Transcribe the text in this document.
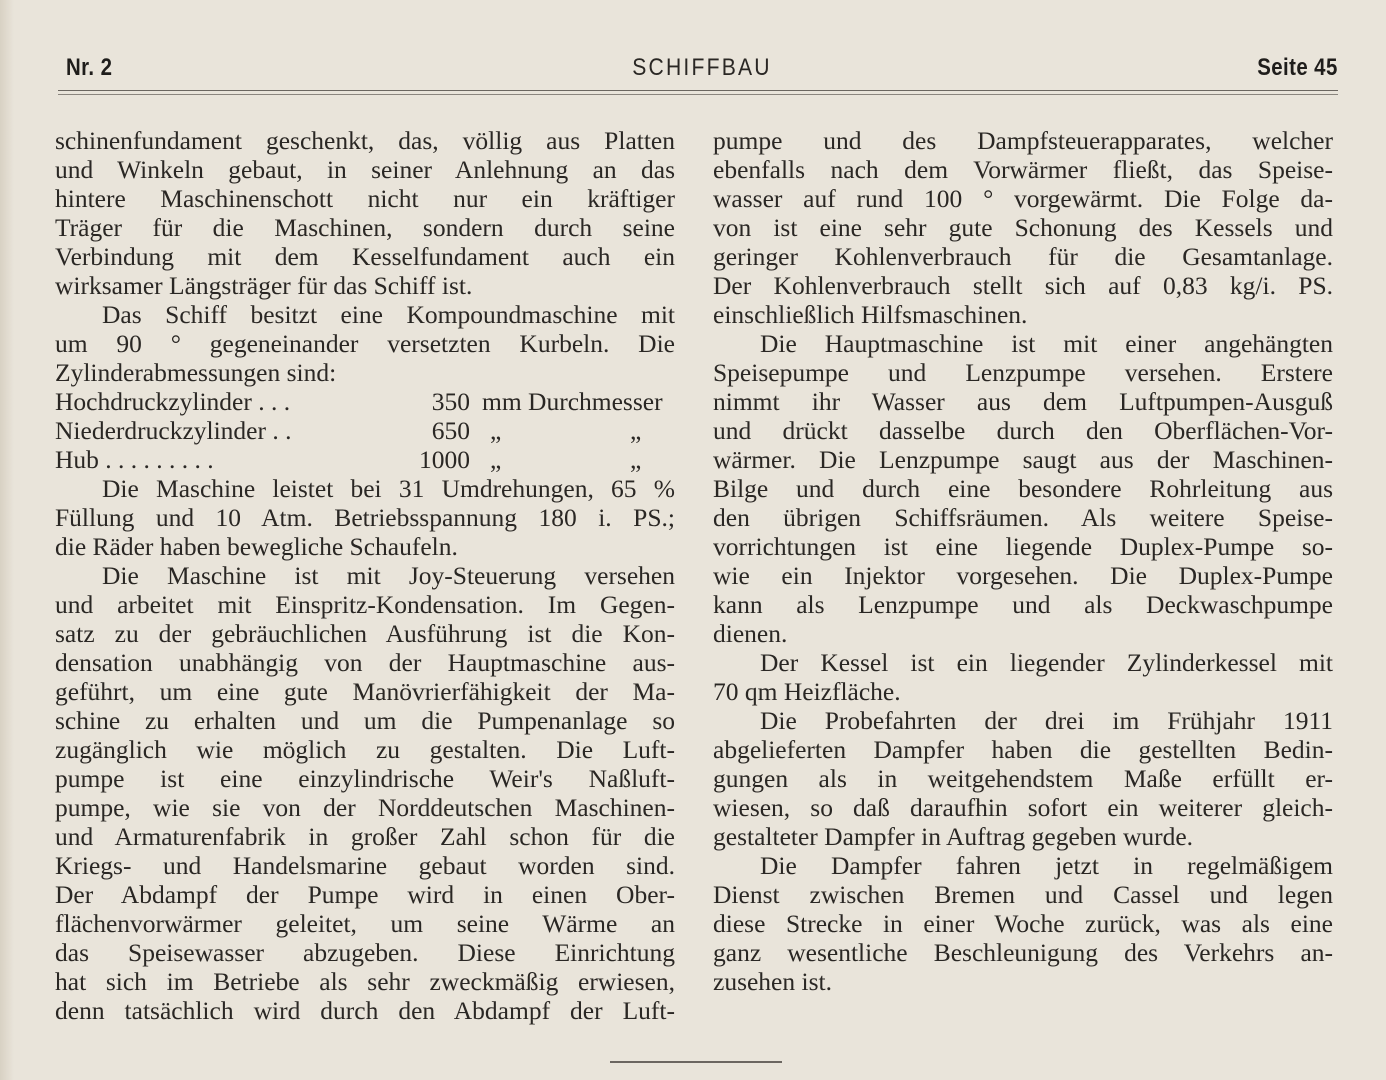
Nr. 2	SCHIFFBAU	Seite 45
schinenfundament geschenkt, das, völlig aus Platten
und Winkeln gebaut, in seiner Anlehnung an das
hintere Maschinenschott nicht nur ein kräftiger
Träger für die Maschinen, sondern durch seine
Verbindung mit dem Kesselfundament auch ein
wirksamer Längsträger für das Schiff ist.
Das Schiff besitzt eine Kompoundmaschine mit
um 90 ° gegeneinander versetzten Kurbeln. Die
Zylinderabmessungen sind:
Hochdruckzylinder . . .	350 mm Durchmesser
Niederdruckzylinder . .	650 „	„
Hub . . . . . . . . .	1000 „	„
Die Maschine leistet bei 31 Umdrehungen, 65 %
Füllung und 10 Atm. Betriebsspannung 180 i. PS.;
die Räder haben bewegliche Schaufeln.
Die Maschine ist mit Joy-Steuerung versehen
und arbeitet mit Einspritz-Kondensation. Im Gegen-
satz zu der gebräuchlichen Ausführung ist die Kon-
densation unabhängig von der Hauptmaschine aus-
geführt, um eine gute Manövrierfähigkeit der Ma-
schine zu erhalten und um die Pumpenanlage so
zugänglich wie möglich zu gestalten. Die Luft-
pumpe ist eine einzylindrische Weir's Naßluft-
pumpe, wie sie von der Norddeutschen Maschinen-
und Armaturenfabrik in großer Zahl schon für die
Kriegs- und Handelsmarine gebaut worden sind.
Der Abdampf der Pumpe wird in einen Ober-
flächenvorwärmer geleitet, um seine Wärme an
das Speisewasser abzugeben. Diese Einrichtung
hat sich im Betriebe als sehr zweckmäßig erwiesen,
denn tatsächlich wird durch den Abdampf der Luft-
pumpe und des Dampfsteuerapparates, welcher
ebenfalls nach dem Vorwärmer fließt, das Speise-
wasser auf rund 100 ° vorgewärmt. Die Folge da-
von ist eine sehr gute Schonung des Kessels und
geringer Kohlenverbrauch für die Gesamtanlage.
Der Kohlenverbrauch stellt sich auf 0,83 kg/i. PS.
einschließlich Hilfsmaschinen.
Die Hauptmaschine ist mit einer angehängten
Speisepumpe und Lenzpumpe versehen. Erstere
nimmt ihr Wasser aus dem Luftpumpen-Ausguß
und drückt dasselbe durch den Oberflächen-Vor-
wärmer. Die Lenzpumpe saugt aus der Maschinen-
Bilge und durch eine besondere Rohrleitung aus
den übrigen Schiffsräumen. Als weitere Speise-
vorrichtungen ist eine liegende Duplex-Pumpe so-
wie ein Injektor vorgesehen. Die Duplex-Pumpe
kann als Lenzpumpe und als Deckwaschpumpe
dienen.
Der Kessel ist ein liegender Zylinderkessel mit
70 qm Heizfläche.
Die Probefahrten der drei im Frühjahr 1911
abgelieferten Dampfer haben die gestellten Bedin-
gungen als in weitgehendstem Maße erfüllt er-
wiesen, so daß daraufhin sofort ein weiterer gleich-
gestalteter Dampfer in Auftrag gegeben wurde.
Die Dampfer fahren jetzt in regelmäßigem
Dienst zwischen Bremen und Cassel und legen
diese Strecke in einer Woche zurück, was als eine
ganz wesentliche Beschleunigung des Verkehrs an-
zusehen ist.
